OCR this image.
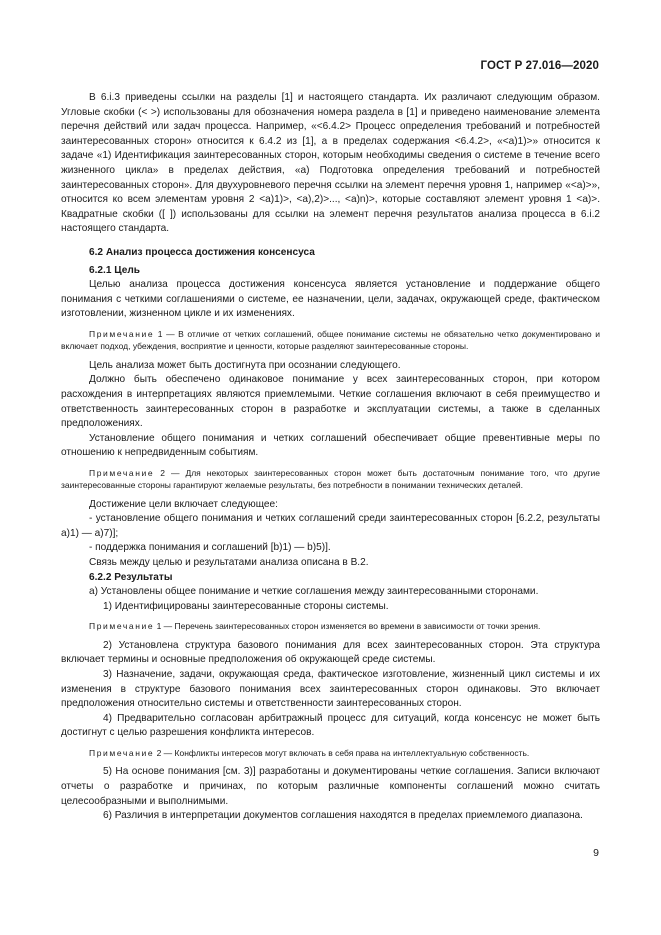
ГОСТ Р 27.016—2020

В 6.i.3 приведены ссылки на разделы [1] и настоящего стандарта. Их различают следующим образом. Угловые скобки (< >) использованы для обозначения номера раздела в [1] и приведено наименование элемента перечня действий или задач процесса. Например, «<6.4.2> Процесс определения требований и потребностей заинтересованных сторон» относится к 6.4.2 из [1], а в пределах содержания <6.4.2>, «<a)1)>» относится к задаче «1) Идентификация заинтересованных сторон, которым необходимы сведения о системе в течение всего жизненного цикла» в пределах действия, «а) Подготовка определения требований и потребностей заинтересованных сторон». Для двухуровневого перечня ссылки на элемент перечня уровня 1, например «<a)>», относится ко всем элементам уровня 2 <a)1)>, <a),2)>..., <a)n)>, которые составляют элемент уровня 1 <a)>. Квадратные скобки ([ ]) использованы для ссылки на элемент перечня результатов анализа процесса в 6.i.2 настоящего стандарта.

6.2 Анализ процесса достижения консенсуса

6.2.1 Цель

Целью анализа процесса достижения консенсуса является установление и поддержание общего понимания с четкими соглашениями о системе, ее назначении, цели, задачах, окружающей среде, фактическом изготовлении, жизненном цикле и их изменениях.

Примечание 1 — В отличие от четких соглашений, общее понимание системы не обязательно четко документировано и включает подход, убеждения, восприятие и ценности, которые разделяют заинтересованные стороны.

Цель анализа может быть достигнута при осознании следующего.

Должно быть обеспечено одинаковое понимание у всех заинтересованных сторон, при котором расхождения в интерпретациях являются приемлемыми. Четкие соглашения включают в себя преимущество и ответственность заинтересованных сторон в разработке и эксплуатации системы, а также в сделанных предположениях.

Установление общего понимания и четких соглашений обеспечивает общие превентивные меры по отношению к непредвиденным событиям.

Примечание 2 — Для некоторых заинтересованных сторон может быть достаточным понимание того, что другие заинтересованные стороны гарантируют желаемые результаты, без потребности в понимании технических деталей.

Достижение цели включает следующее:

- установление общего понимания и четких соглашений среди заинтересованных сторон [6.2.2, результаты a)1) — a)7)];

- поддержка понимания и соглашений [b)1) — b)5)].

Связь между целью и результатами анализа описана в В.2.

6.2.2 Результаты

а) Установлены общее понимание и четкие соглашения между заинтересованными сторонами.

1) Идентифицированы заинтересованные стороны системы.

Примечание 1 — Перечень заинтересованных сторон изменяется во времени в зависимости от точки зрения.

2) Установлена структура базового понимания для всех заинтересованных сторон. Эта структура включает термины и основные предположения об окружающей среде системы.

3) Назначение, задачи, окружающая среда, фактическое изготовление, жизненный цикл системы и их изменения в структуре базового понимания всех заинтересованных сторон одинаковы. Это включает предположения относительно системы и ответственности заинтересованных сторон.

4) Предварительно согласован арбитражный процесс для ситуаций, когда консенсус не может быть достигнут с целью разрешения конфликта интересов.

Примечание 2 — Конфликты интересов могут включать в себя права на интеллектуальную собственность.

5) На основе понимания [см. 3)] разработаны и документированы четкие соглашения. Записи включают отчеты о разработке и причинах, по которым различные компоненты соглашений можно считать целесообразными и выполнимыми.

6) Различия в интерпретации документов соглашения находятся в пределах приемлемого диапазона.

9
